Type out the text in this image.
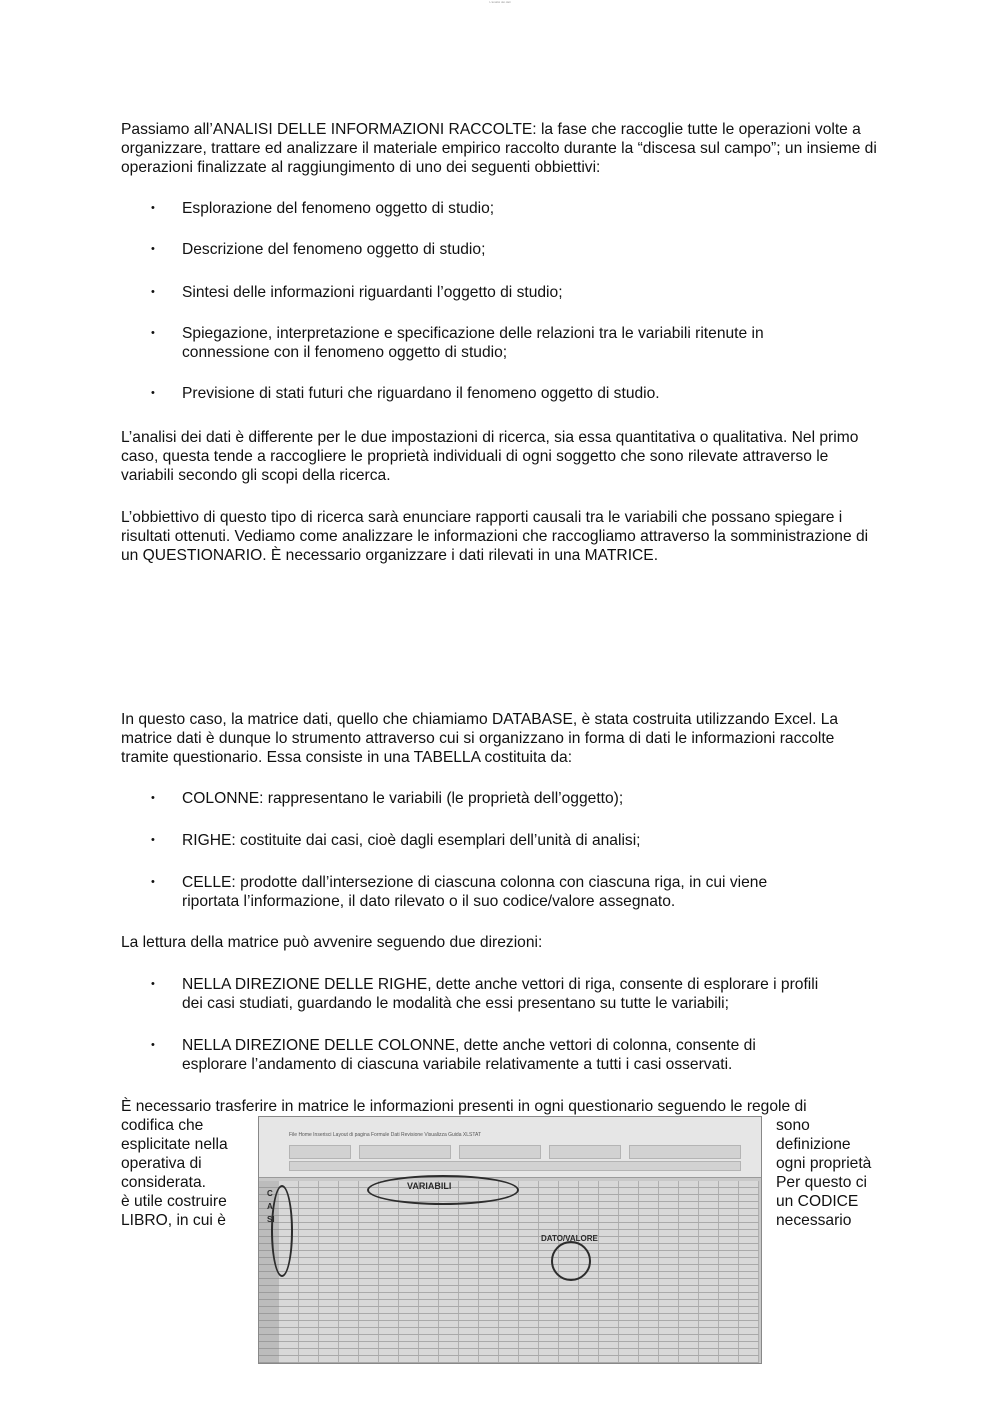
L'analisi dei dati

Passiamo all’ANALISI DELLE INFORMAZIONI RACCOLTE: la fase che raccoglie tutte le operazioni volte a organizzare, trattare ed analizzare il materiale empirico raccolto durante la “discesa sul campo”; un insieme di operazioni finalizzate al raggiungimento di uno dei seguenti obbiettivi:

• Esplorazione del fenomeno oggetto di studio;
• Descrizione del fenomeno oggetto di studio;
• Sintesi delle informazioni riguardanti l’oggetto di studio;
• Spiegazione, interpretazione e specificazione delle relazioni tra le variabili ritenute in connessione con il fenomeno oggetto di studio;
• Previsione di stati futuri che riguardano il fenomeno oggetto di studio.

L’analisi dei dati è differente per le due impostazioni di ricerca, sia essa quantitativa o qualitativa. Nel primo caso, questa tende a raccogliere le proprietà individuali di ogni soggetto che sono rilevate attraverso le variabili secondo gli scopi della ricerca.

L’obbiettivo di questo tipo di ricerca sarà enunciare rapporti causali tra le variabili che possano spiegare i risultati ottenuti. Vediamo come analizzare le informazioni che raccogliamo attraverso la somministrazione di un QUESTIONARIO. È necessario organizzare i dati rilevati in una MATRICE.

In questo caso, la matrice dati, quello che chiamiamo DATABASE, è stata costruita utilizzando Excel. La matrice dati è dunque lo strumento attraverso cui si organizzano in forma di dati le informazioni raccolte tramite questionario. Essa consiste in una TABELLA costituita da:

• COLONNE: rappresentano le variabili (le proprietà dell’oggetto);
• RIGHE: costituite dai casi, cioè dagli esemplari dell’unità di analisi;
• CELLE: prodotte dall’intersezione di ciascuna colonna con ciascuna riga, in cui viene riportata l’informazione, il dato rilevato o il suo codice/valore assegnato.

La lettura della matrice può avvenire seguendo due direzioni:

• NELLA DIREZIONE DELLE RIGHE, dette anche vettori di riga, consente di esplorare i profili dei casi studiati, guardando le modalità che essi presentano su tutte le variabili;
• NELLA DIREZIONE DELLE COLONNE, dette anche vettori di colonna, consente di esplorare l’andamento di ciascuna variabile relativamente a tutti i casi osservati.

È necessario trasferire in matrice le informazioni presenti in ogni questionario seguendo le regole di

codifica che
esplicitate nella
operativa di
considerata.
è utile costruire
LIBRO, in cui è

sono
definizione
ogni proprietà
Per questo ci
un CODICE
necessario

File Home Inserisci Layout di pagina Formule Dati Revisione Visualizza Guida XLSTAT
VARIABILI
CASI
DATO/VALORE
